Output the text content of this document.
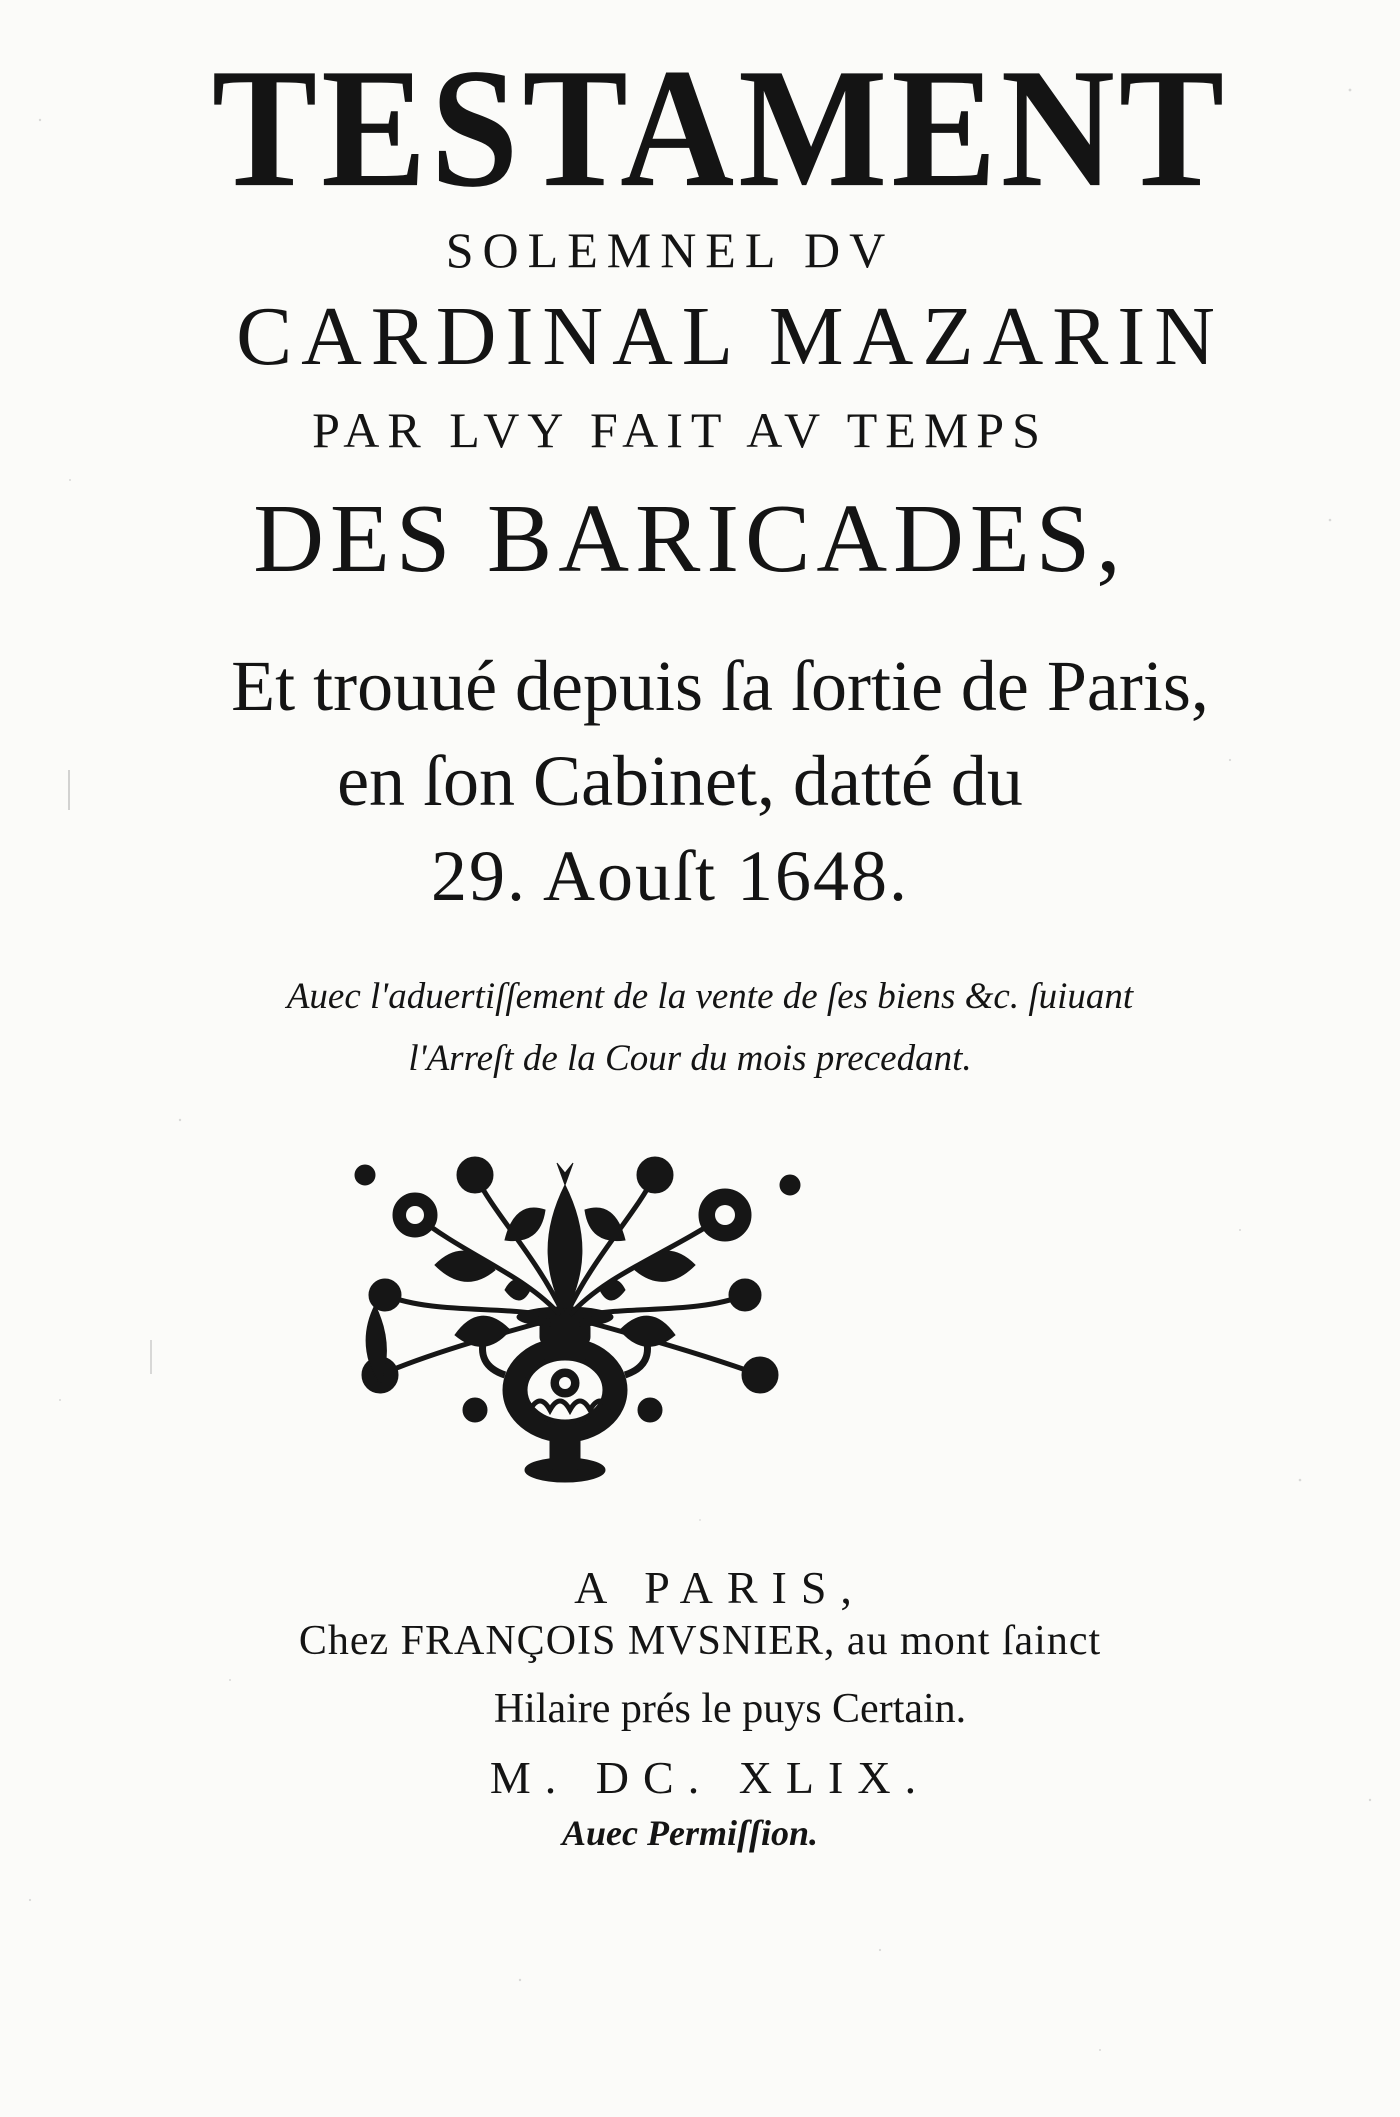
TESTAMENT
SOLEMNEL DV
CARDINAL MAZARIN
PAR LVY FAIT AV TEMPS
DES BARICADES,
Et trouué depuis ſa ſortie de Paris,
en ſon Cabinet, datté du
29. Aouſt 1648.
Auec l'aduertiſſement de la vente de ſes biens &c. ſuiuant
l'Arreſt de la Cour du mois precedant.
A PARIS,
Chez FRANÇOIS MVSNIER, au mont ſainct
Hilaire prés le puys Certain.
M. DC. XLIX.
Auec Permiſſion.
